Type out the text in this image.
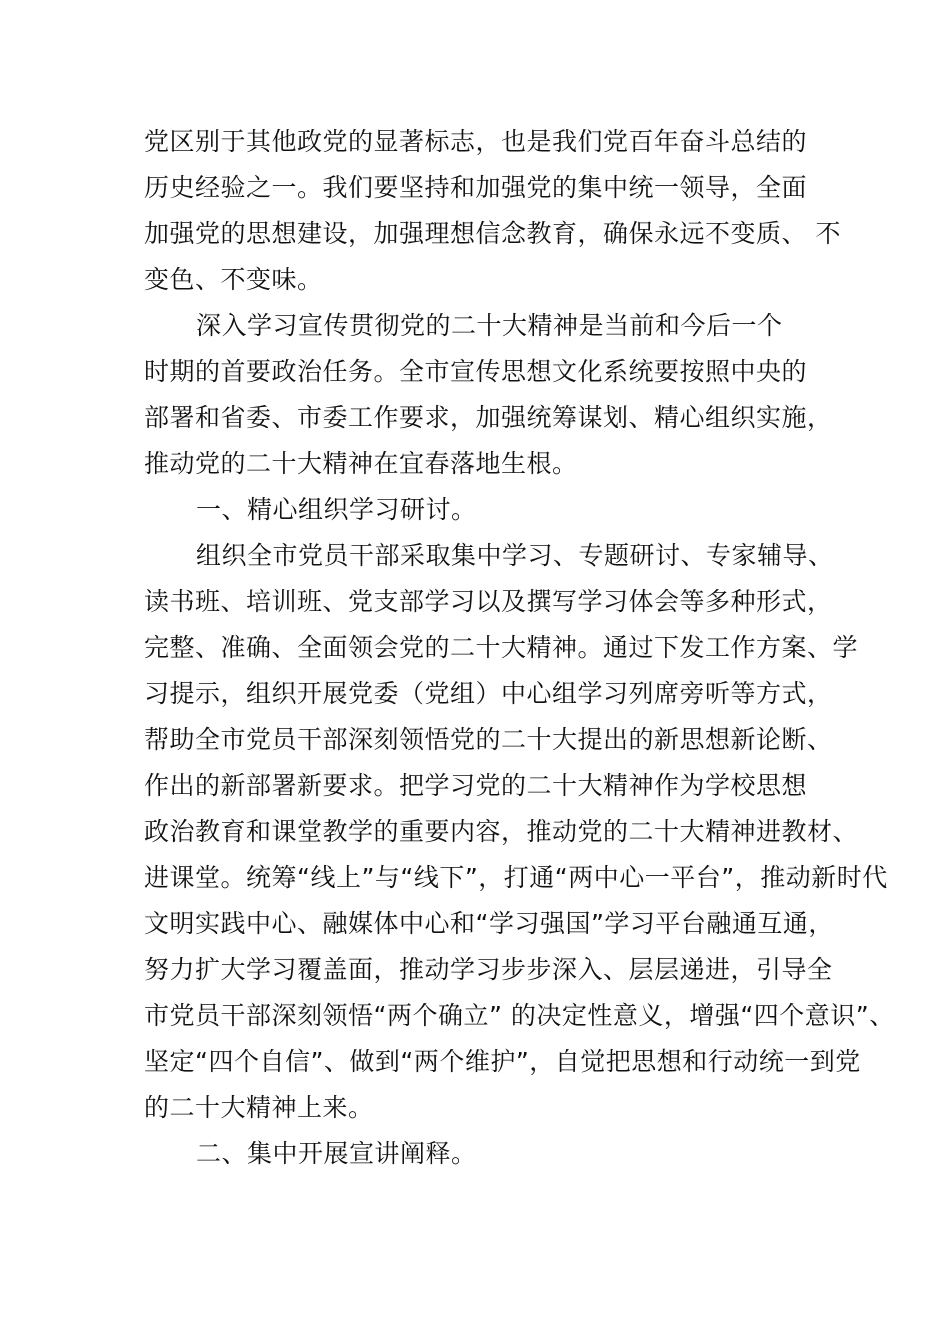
党区别于其他政党的显著标志，也是我们党百年奋斗总结的
历史经验之一。我们要坚持和加强党的集中统一领导，全面
加强党的思想建设，加强理想信念教育，确保永远不变质、 不
变色、不变味。
深入学习宣传贯彻党的二十大精神是当前和今后一个
时期的首要政治任务。全市宣传思想文化系统要按照中央的
部署和省委、市委工作要求，加强统筹谋划、精心组织实施，
推动党的二十大精神在宜春落地生根。
一、精心组织学习研讨。
组织全市党员干部采取集中学习、专题研讨、专家辅导、
读书班、培训班、党支部学习以及撰写学习体会等多种形式，
完整、准确、全面领会党的二十大精神。通过下发工作方案、学
习提示，组织开展党委（党组）中心组学习列席旁听等方式，
帮助全市党员干部深刻领悟党的二十大提出的新思想新论断、
作出的新部署新要求。把学习党的二十大精神作为学校思想
政治教育和课堂教学的重要内容，推动党的二十大精神进教材、
进课堂。统筹“线上”与“线下”，打通“两中心一平台”，推动新时代
文明实践中心、融媒体中心和“学习强国”学习平台融通互通，
努力扩大学习覆盖面，推动学习步步深入、层层递进，引导全
市党员干部深刻领悟“两个确立” 的决定性意义，增强“四个意识”、
坚定“四个自信”、做到“两个维护”，自觉把思想和行动统一到党
的二十大精神上来。
二、集中开展宣讲阐释。
